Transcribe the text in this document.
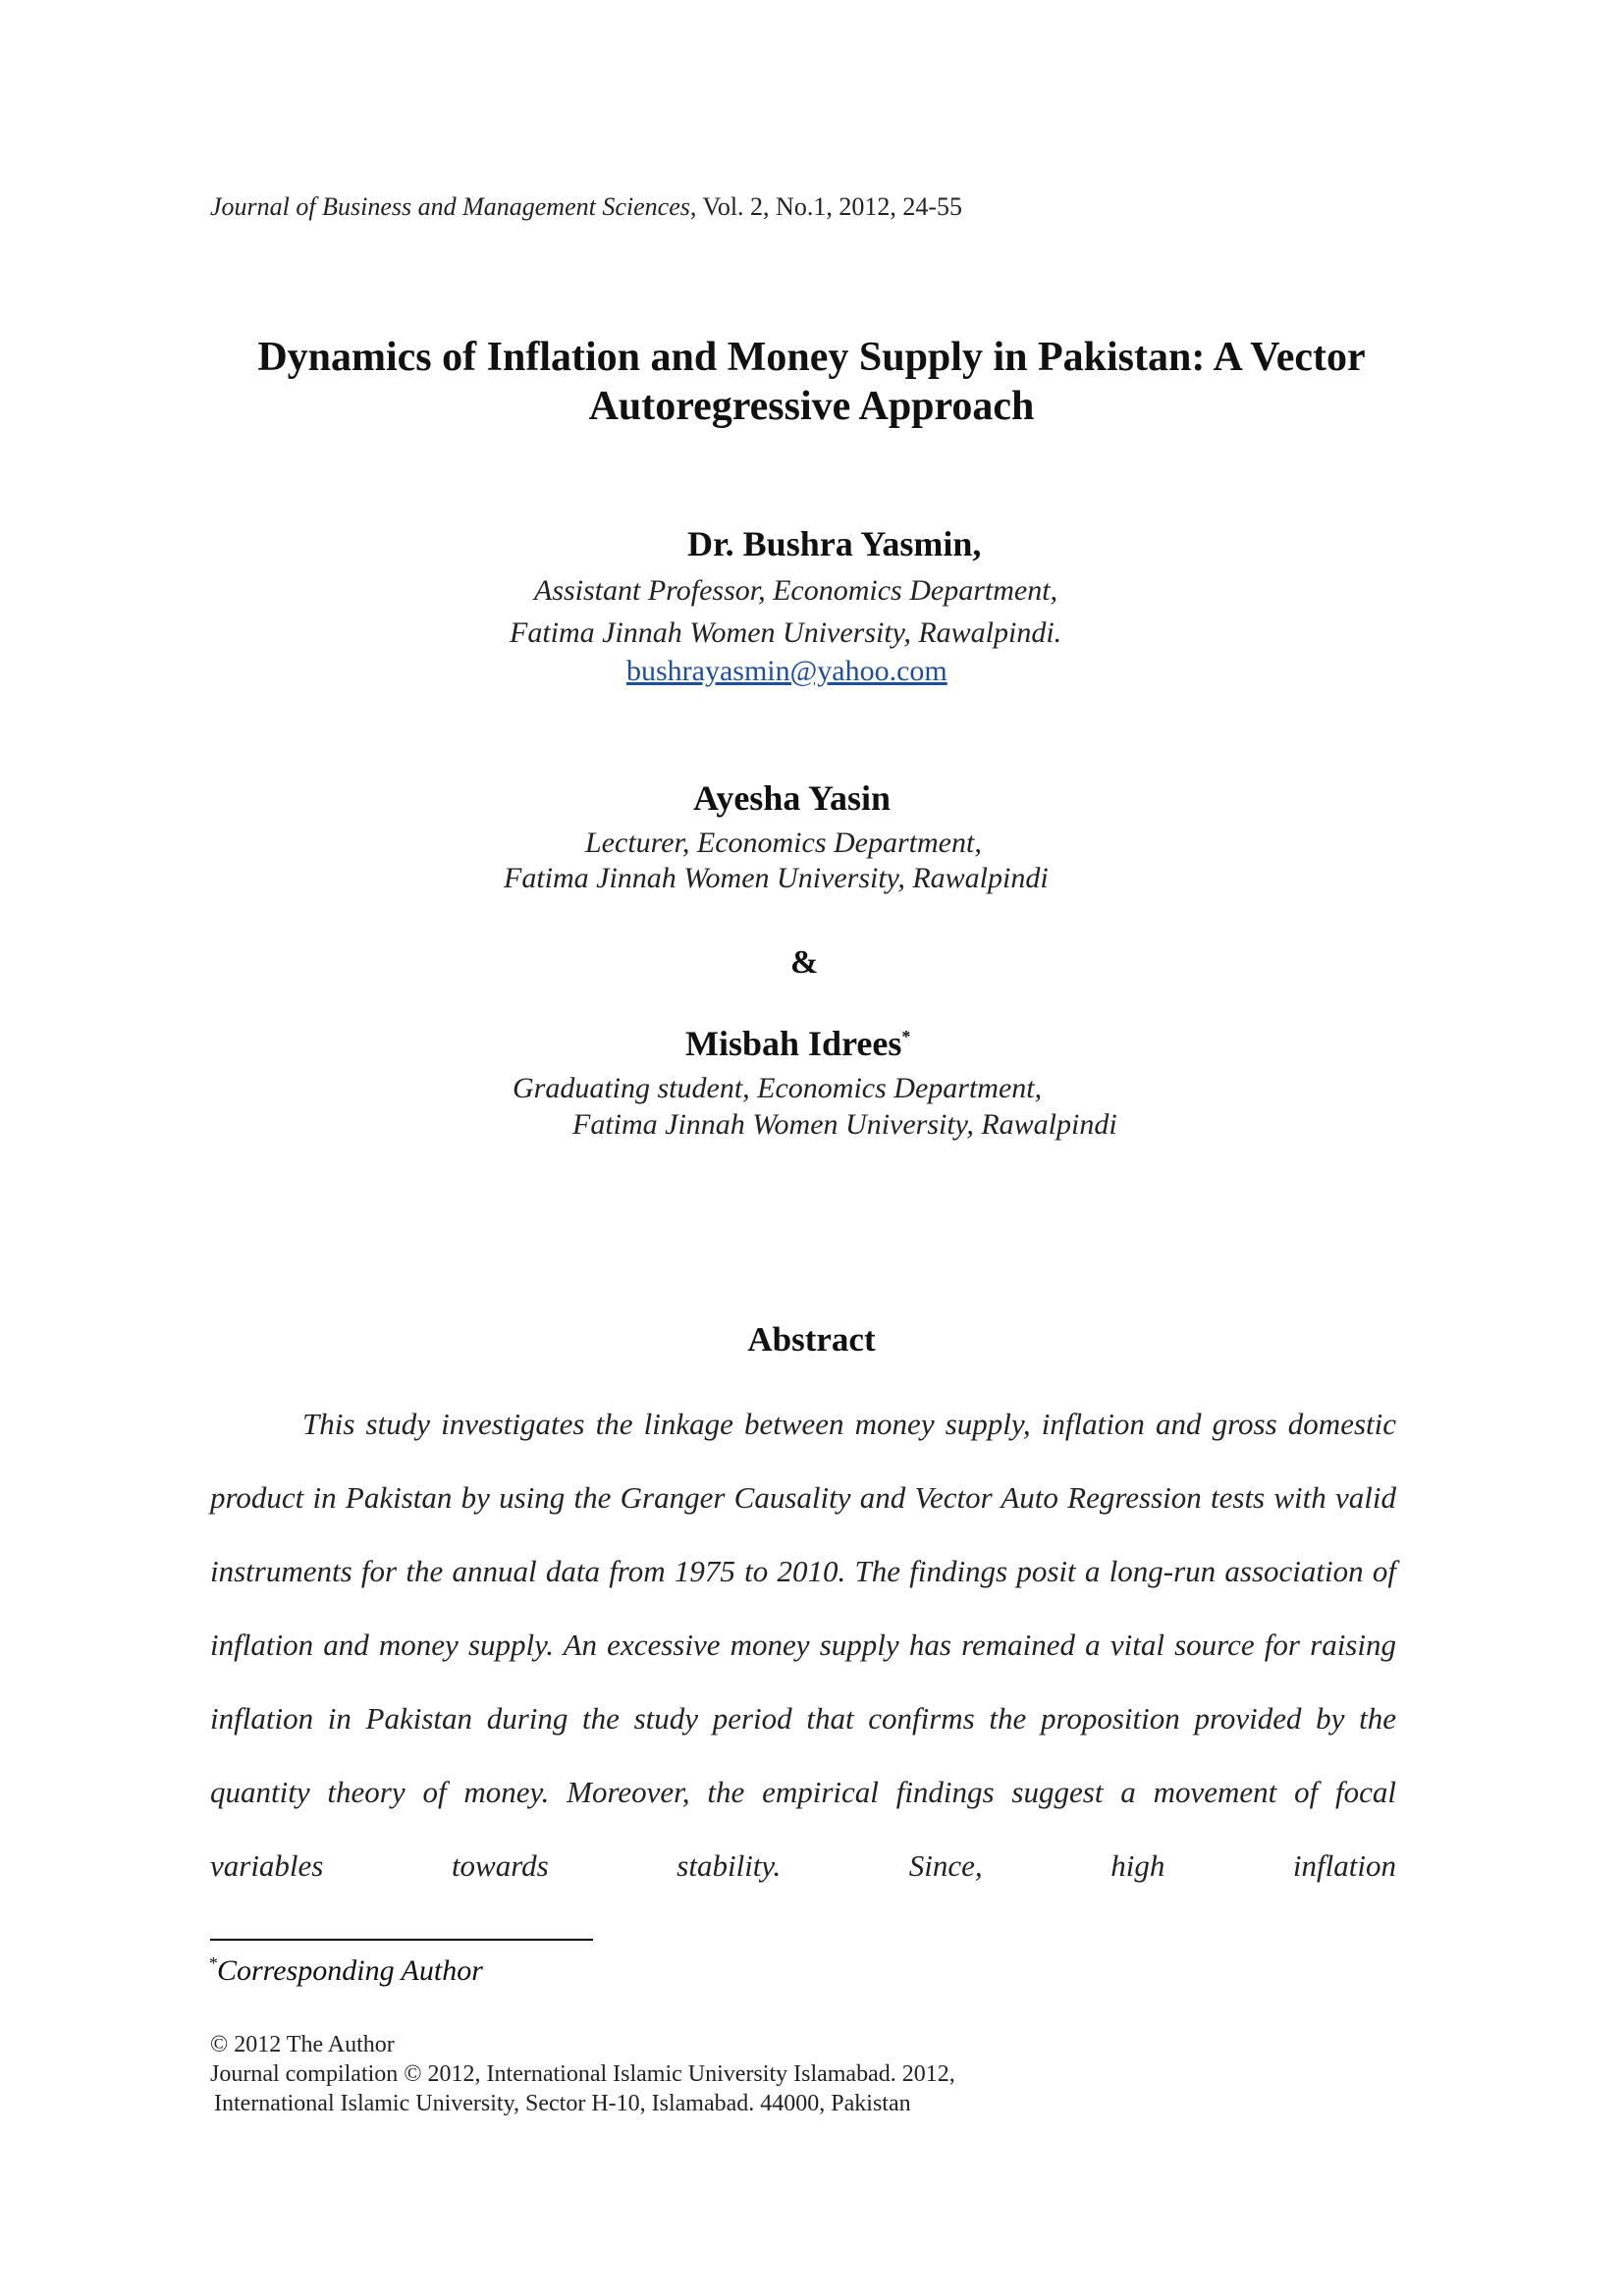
Journal of Business and Management Sciences, Vol. 2, No.1, 2012, 24-55
Dynamics of Inflation and Money Supply in Pakistan: A Vector
Autoregressive Approach
Dr. Bushra Yasmin,
Assistant Professor, Economics Department,
Fatima Jinnah Women University, Rawalpindi.
bushrayasmin@yahoo.com
Ayesha Yasin
Lecturer, Economics Department,
Fatima Jinnah Women University, Rawalpindi
&
Misbah Idrees*
Graduating student, Economics Department,
Fatima Jinnah Women University, Rawalpindi
Abstract

This study investigates the linkage between money supply, inflation and gross domestic product in Pakistan by using the Granger Causality and Vector Auto Regression tests with valid instruments for the annual data from 1975 to 2010. The findings posit a long-run association of inflation and money supply. An excessive money supply has remained a vital source for raising inflation in Pakistan during the study period that confirms the proposition provided by the quantity theory of money. Moreover, the empirical findings suggest a movement of focal variables towards stability. Since, high inflation

*Corresponding Author
© 2012 The Author
Journal compilation © 2012, International Islamic University Islamabad. 2012,
International Islamic University, Sector H-10, Islamabad. 44000, Pakistan
